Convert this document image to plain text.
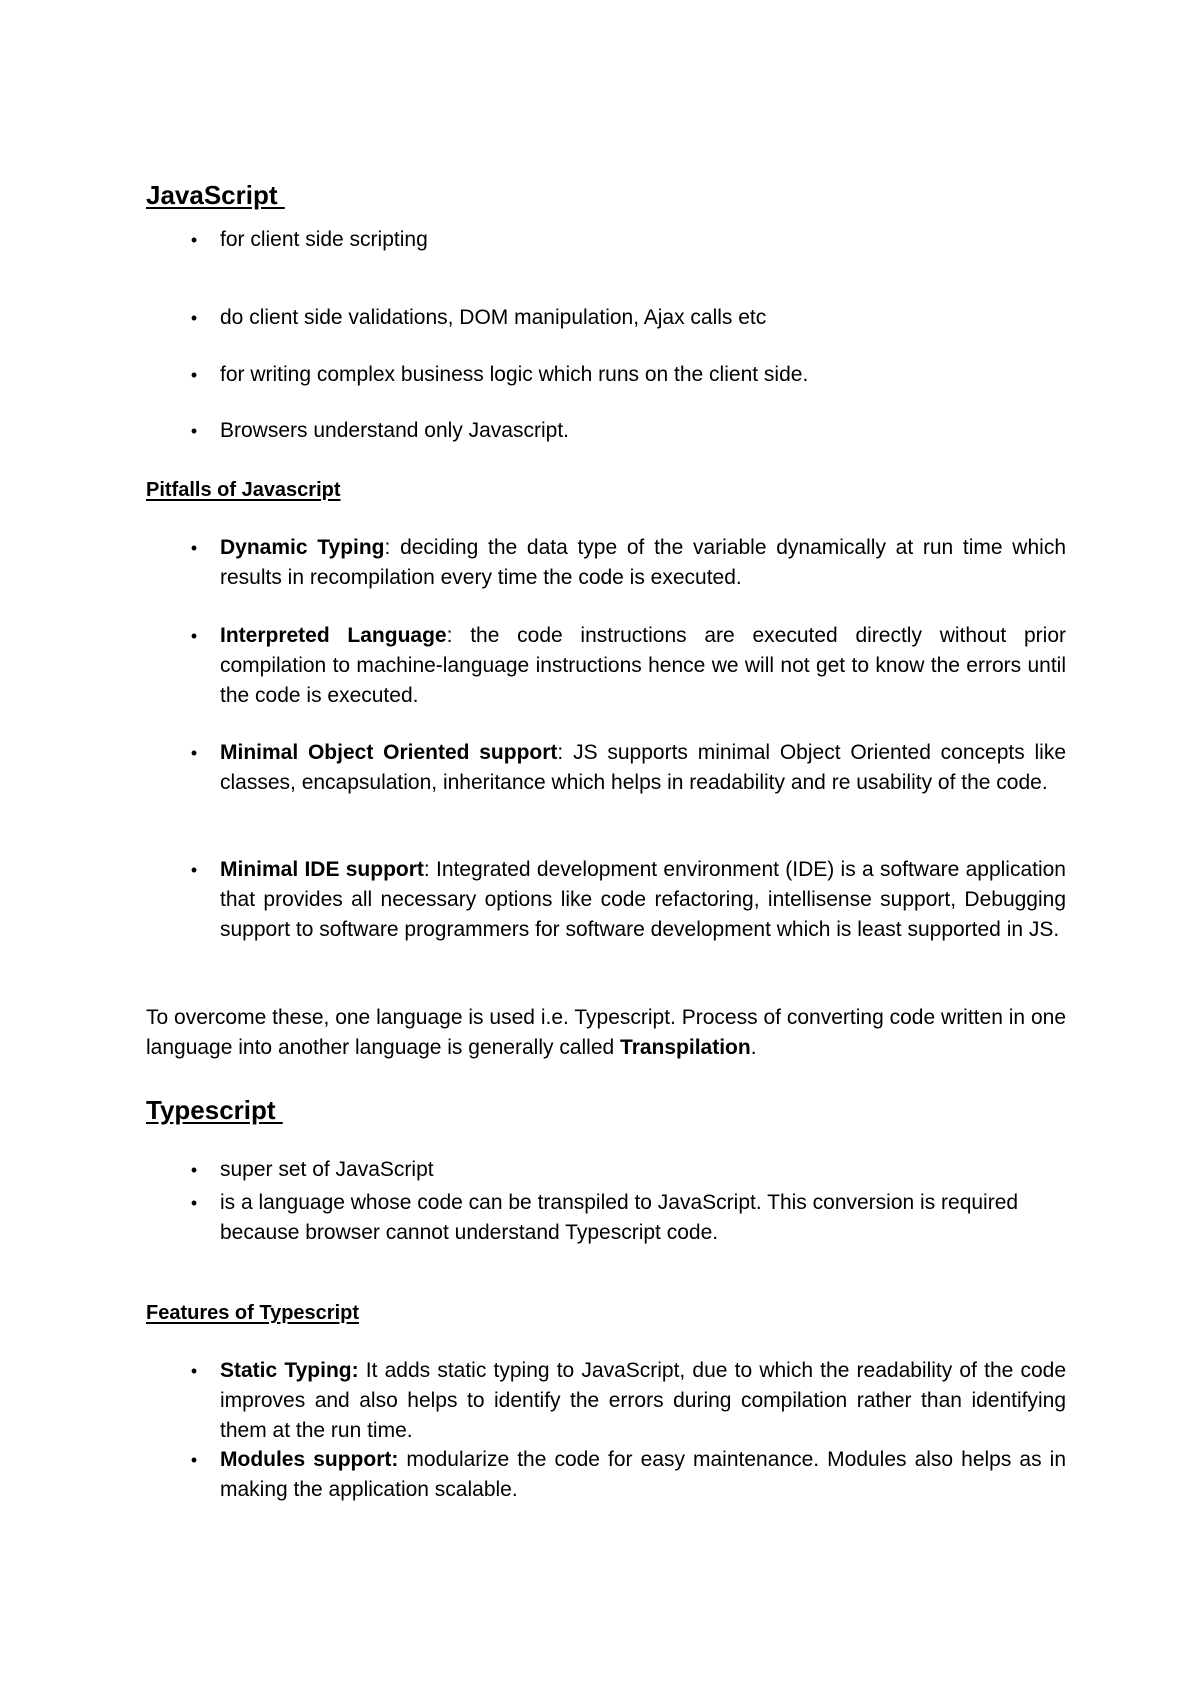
JavaScript
•	for client side scripting
•	do client side validations, DOM manipulation, Ajax calls etc
•	for writing complex business logic which runs on the client side.
•	Browsers understand only Javascript.
Pitfalls of Javascript
•	Dynamic Typing: deciding the data type of the variable dynamically at run time which results in recompilation every time the code is executed.
•	Interpreted Language: the code instructions are executed directly without prior compilation to machine-language instructions hence we will not get to know the errors until the code is executed.
•	Minimal Object Oriented support: JS supports minimal Object Oriented concepts like classes, encapsulation, inheritance which helps in readability and re usability of the code.
•	Minimal IDE support: Integrated development environment (IDE) is a software application that provides all necessary options like code refactoring, intellisense support, Debugging support to software programmers for software development which is least supported in JS.
To overcome these, one language is used i.e. Typescript. Process of converting code written in one language into another language is generally called Transpilation.
Typescript
•	super set of JavaScript
•	is a language whose code can be transpiled to JavaScript. This conversion is required because browser cannot understand Typescript code.
Features of Typescript
•	Static Typing: It adds static typing to JavaScript, due to which the readability of the code improves and also helps to identify the errors during compilation rather than identifying them at the run time.
•	Modules support: modularize the code for easy maintenance. Modules also helps as in making the application scalable.
